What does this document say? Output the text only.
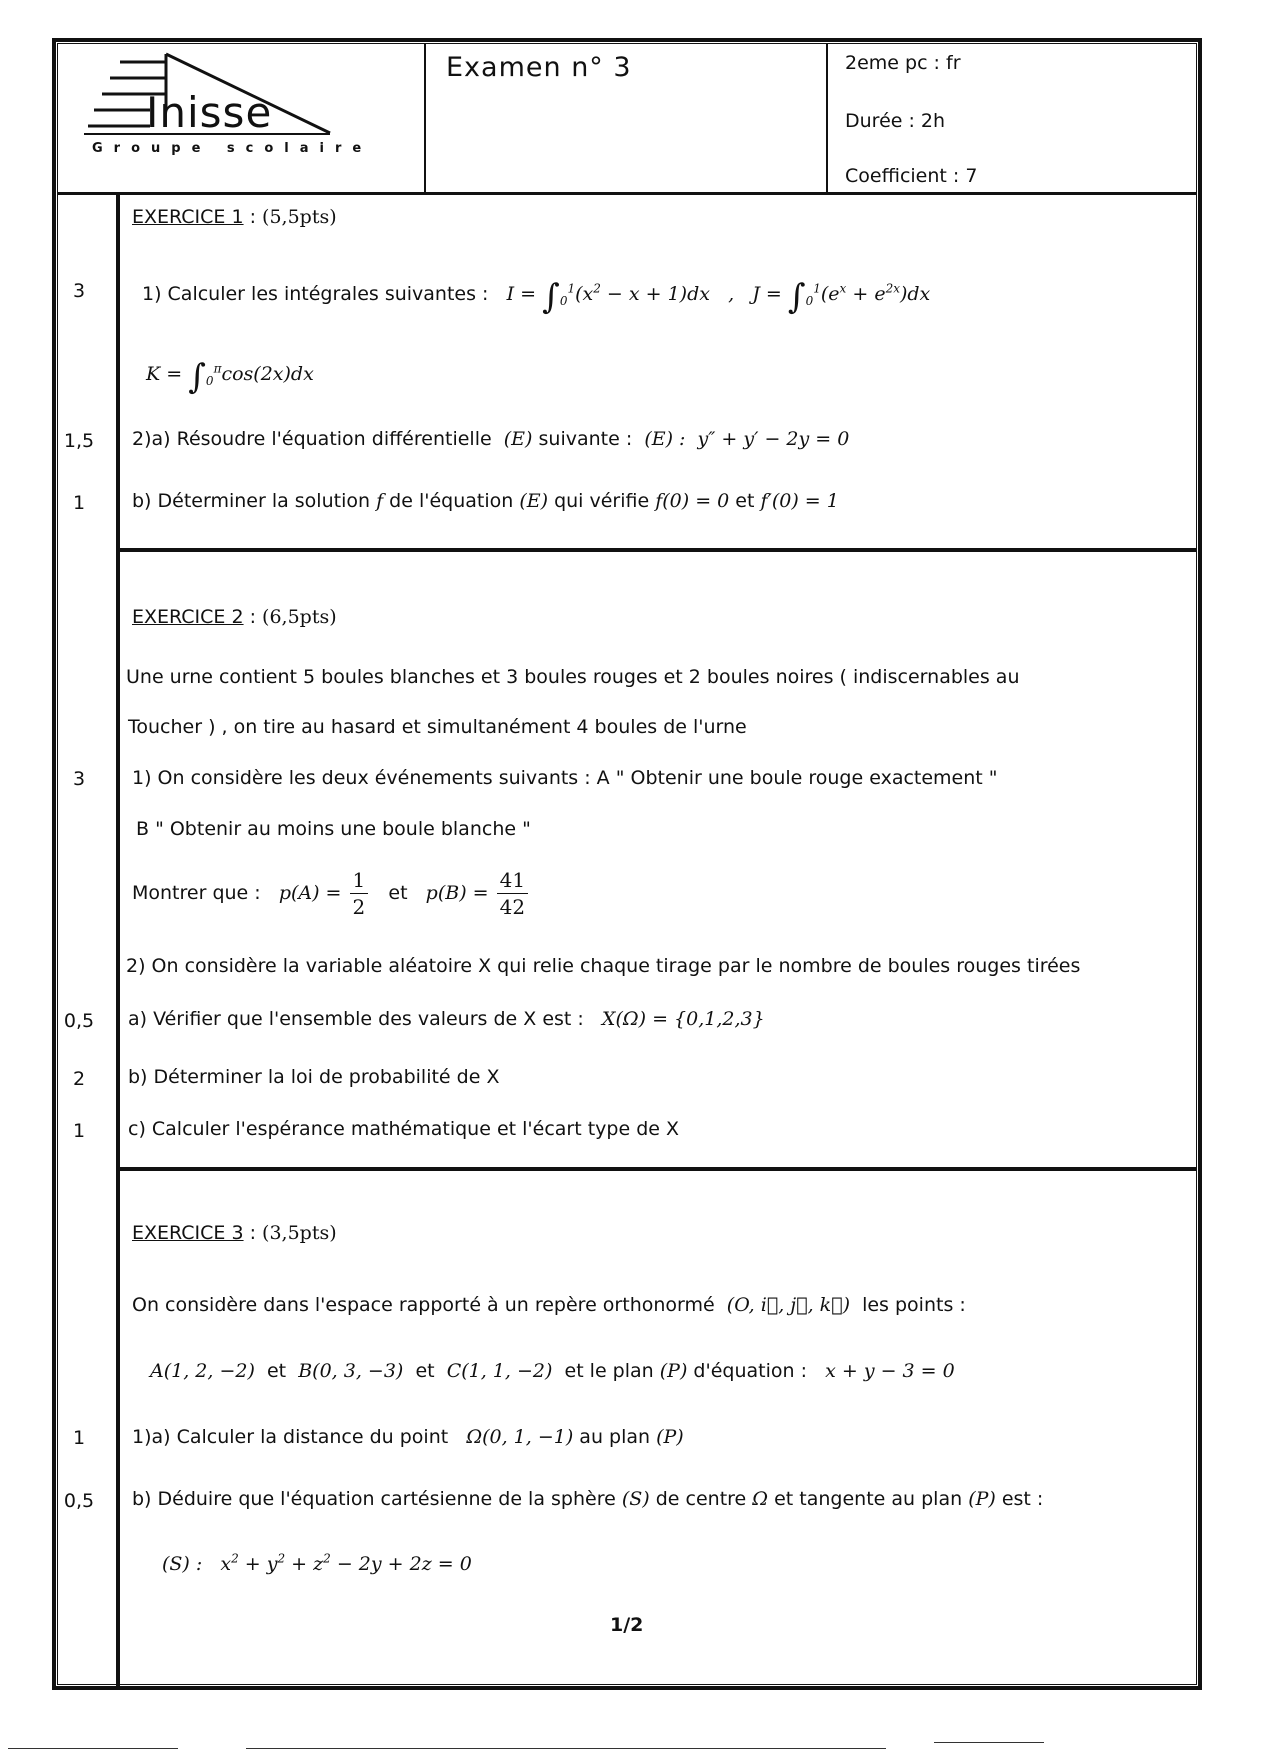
Inisse
Groupe scolaire
Examen n° 3	2eme pc : fr
Durée : 2h
Coefficient : 7
EXERCICE 1 : (5,5pts)
3	1) Calculer les intégrales suivantes :   $I = \int_0^1(x^2 - x + 1)dx$   ,   $J = \int_0^1(e^x + e^{2x})dx$
$K = \int_0^\pi\cos(2x)dx$
1,5	2)a) Résoudre l'équation différentielle  (E) suivante :  (E) :  y″ + y′ − 2y = 0
1	b) Déterminer la solution f de l'équation (E) qui vérifie f(0) = 0 et f′(0) = 1
EXERCICE 2 : (6,5pts)
Une urne contient 5 boules blanches et 3 boules rouges et 2 boules noires ( indiscernables au
Toucher ) , on tire au hasard et simultanément 4 boules de l'urne
3	1) On considère les deux événements suivants : A " Obtenir une boule rouge exactement "
B " Obtenir au moins une boule blanche "
Montrer que :   $p(A) = \frac{1}{2}$ et $p(B) = \frac{41}{42}$
2) On considère la variable aléatoire X qui relie chaque tirage par le nombre de boules rouges tirées
0,5	a) Vérifier que l'ensemble des valeurs de X est :   X(Ω) = {0,1,2,3}
2	b) Déterminer la loi de probabilité de X
1	c) Calculer l'espérance mathématique et l'écart type de X
EXERCICE 3 : (3,5pts)
On considère dans l'espace rapporté à un repère orthonormé  (O, i⃗, j⃗, k⃗)  les points :
A(1, 2, −2) et B(0, 3, −3) et C(1, 1, −2) et le plan (P) d'équation :   x + y − 3 = 0
1	1)a) Calculer la distance du point   Ω(0, 1, −1) au plan (P)
0,5	b) Déduire que l'équation cartésienne de la sphère (S) de centre Ω et tangente au plan (P) est :
(S) :   $x^2 + y^2 + z^2 - 2y + 2z = 0$
1/2
